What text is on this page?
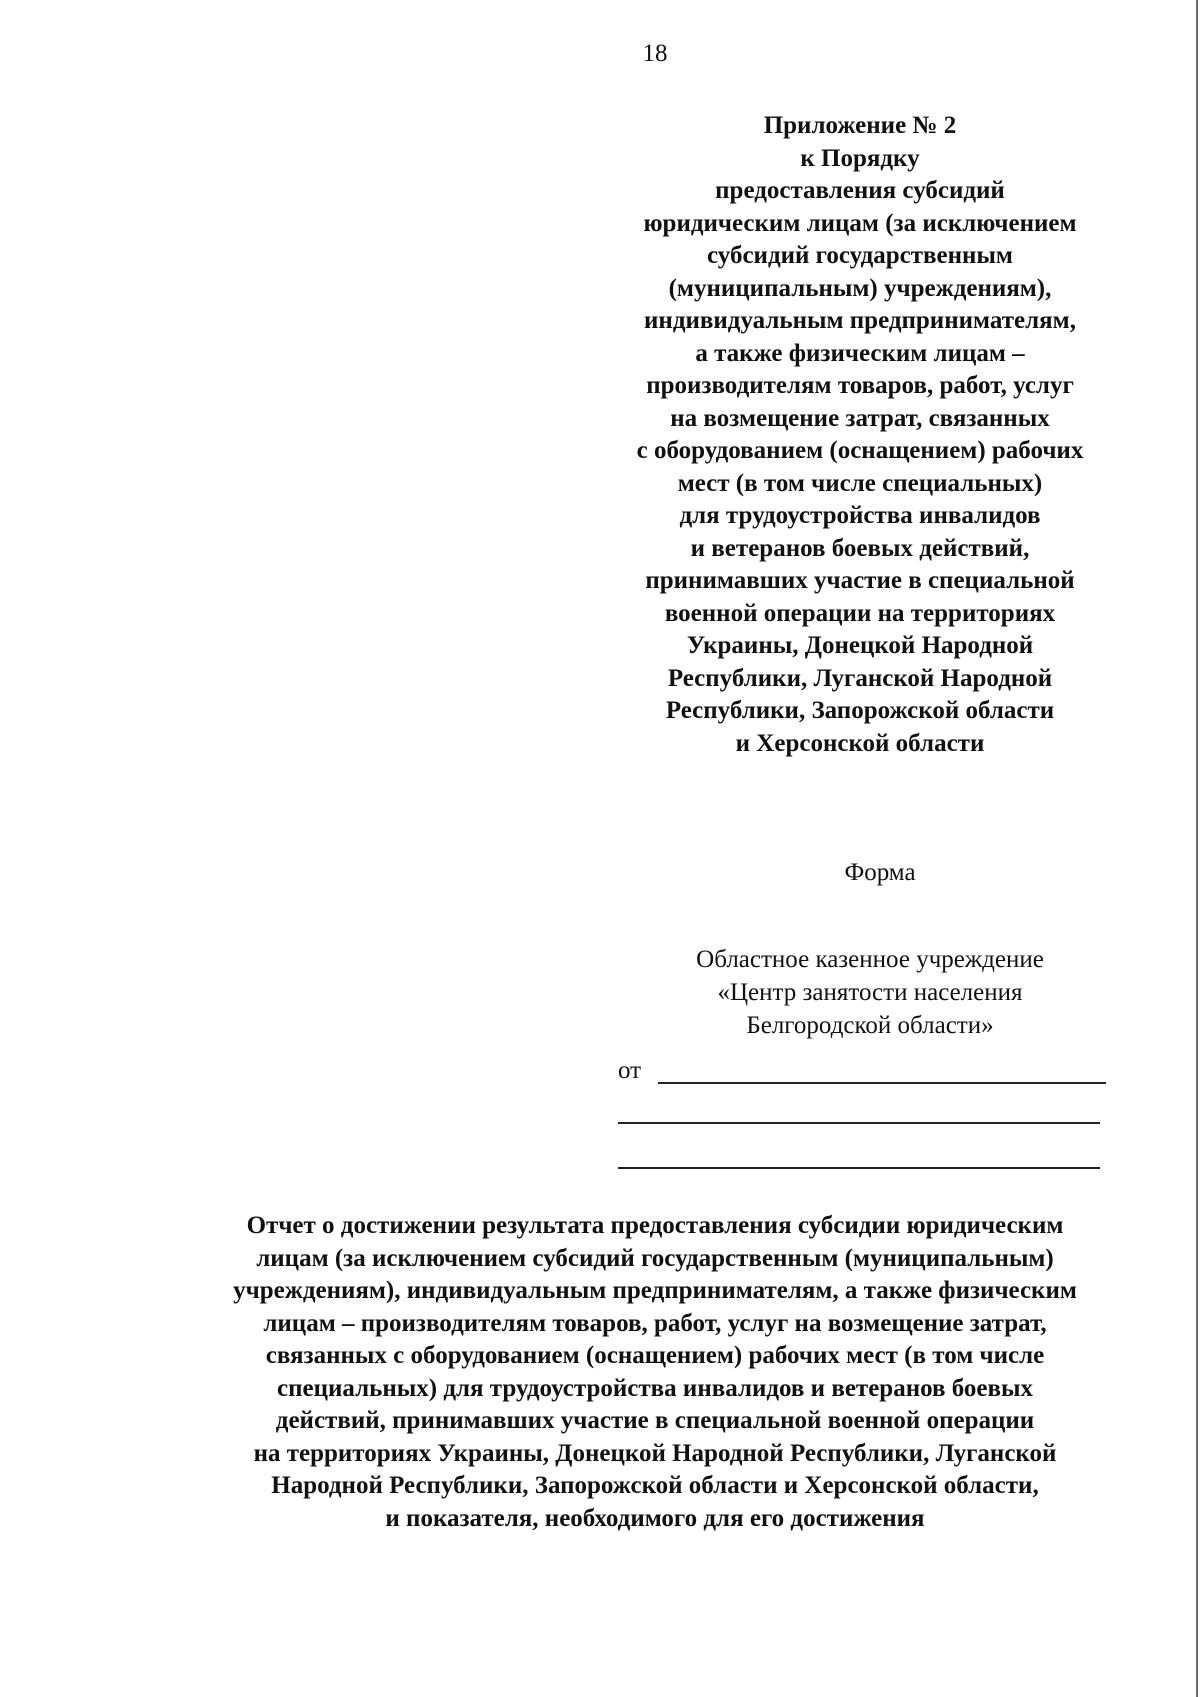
18
Приложение № 2
к Порядку
предоставления субсидий
юридическим лицам (за исключением
субсидий государственным
(муниципальным) учреждениям),
индивидуальным предпринимателям,
а также физическим лицам –
производителям товаров, работ, услуг
на возмещение затрат, связанных
с оборудованием (оснащением) рабочих
мест (в том числе специальных)
для трудоустройства инвалидов
и ветеранов боевых действий,
принимавших участие в специальной
военной операции на территориях
Украины, Донецкой Народной
Республики, Луганской Народной
Республики, Запорожской области
и Херсонской области
Форма
Областное казенное учреждение
«Центр занятости населения
Белгородской области»
от
Отчет о достижении результата предоставления субсидии юридическим
лицам (за исключением субсидий государственным (муниципальным)
учреждениям), индивидуальным предпринимателям, а также физическим
лицам – производителям товаров, работ, услуг на возмещение затрат,
связанных с оборудованием (оснащением) рабочих мест (в том числе
специальных) для трудоустройства инвалидов и ветеранов боевых
действий, принимавших участие в специальной военной операции
на территориях Украины, Донецкой Народной Республики, Луганской
Народной Республики, Запорожской области и Херсонской области,
и показателя, необходимого для его достижения
